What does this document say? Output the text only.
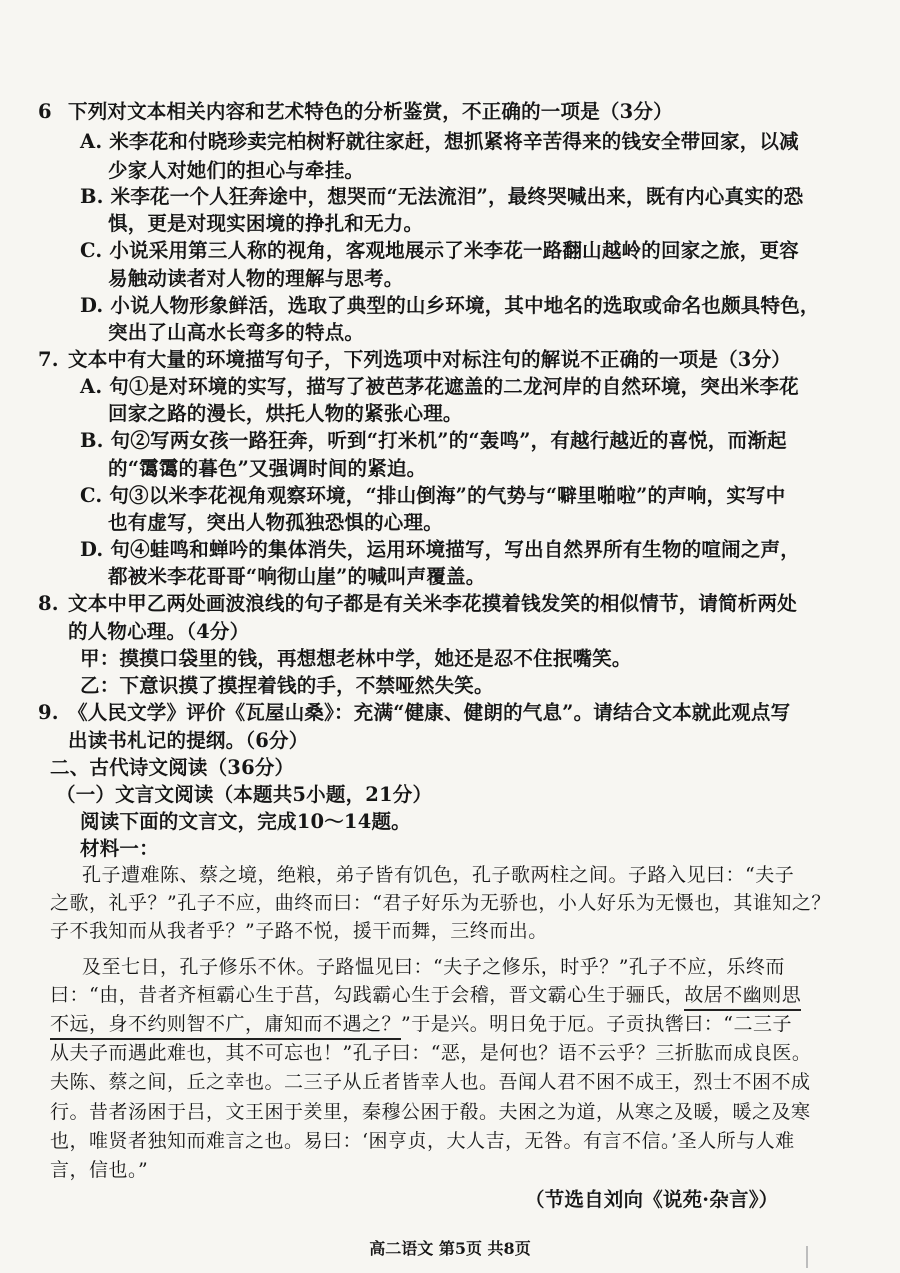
6 下列对文本相关内容和艺术特色的分析鉴赏，不正确的一项是（3分）
A. 米李花和付晓珍卖完柏树籽就往家赶，想抓紧将辛苦得来的钱安全带回家，以减
少家人对她们的担心与牵挂。
B. 米李花一个人狂奔途中，想哭而“无法流泪”，最终哭喊出来，既有内心真实的恐
惧，更是对现实困境的挣扎和无力。
C. 小说采用第三人称的视角，客观地展示了米李花一路翻山越岭的回家之旅，更容
易触动读者对人物的理解与思考。
D. 小说人物形象鲜活，选取了典型的山乡环境，其中地名的选取或命名也颇具特色，
突出了山高水长弯多的特点。
7. 文本中有大量的环境描写句子，下列选项中对标注句的解说不正确的一项是（3分）
A. 句①是对环境的实写，描写了被芭茅花遮盖的二龙河岸的自然环境，突出米李花
回家之路的漫长，烘托人物的紧张心理。
B. 句②写两女孩一路狂奔，听到“打米机”的“轰鸣”，有越行越近的喜悦，而渐起
的“霭霭的暮色”又强调时间的紧迫。
C. 句③以米李花视角观察环境，“排山倒海”的气势与“噼里啪啦”的声响，实写中
也有虚写，突出人物孤独恐惧的心理。
D. 句④蛙鸣和蝉吟的集体消失，运用环境描写，写出自然界所有生物的喧闹之声，
都被米李花哥哥“响彻山崖”的喊叫声覆盖。
8. 文本中甲乙两处画波浪线的句子都是有关米李花摸着钱发笑的相似情节，请简析两处
的人物心理。（4分）
甲：摸摸口袋里的钱，再想想老林中学，她还是忍不住抿嘴笑。
乙：下意识摸了摸捏着钱的手，不禁哑然失笑。
9. 《人民文学》评价《瓦屋山桑》：充满“健康、健朗的气息”。请结合文本就此观点写
出读书札记的提纲。（6分）
二、古代诗文阅读（36分）
（一）文言文阅读（本题共5小题，21分）
阅读下面的文言文，完成10～14题。
材料一：
孔子遭难陈、蔡之境，绝粮，弟子皆有饥色，孔子歌两柱之间。子路入见曰：“夫子
之歌，礼乎？”孔子不应，曲终而曰：“君子好乐为无骄也，小人好乐为无慑也，其谁知之？
子不我知而从我者乎？”子路不悦，援干而舞，三终而出。
及至七日，孔子修乐不休。子路愠见曰：“夫子之修乐，时乎？”孔子不应，乐终而
曰：“由，昔者齐桓霸心生于莒，勾践霸心生于会稽，晋文霸心生于骊氏，故居不幽则思
不远，身不约则智不广，庸知而不遇之？”于是兴。明日免于厄。子贡执辔曰：“二三子
从夫子而遇此难也，其不可忘也！”孔子曰：“恶，是何也？语不云乎？三折肱而成良医。
夫陈、蔡之间，丘之幸也。二三子从丘者皆幸人也。吾闻人君不困不成王，烈士不困不成
行。昔者汤困于吕，文王困于羑里，秦穆公困于殽。夫困之为道，从寒之及暖，暖之及寒
也，唯贤者独知而难言之也。易曰：‘困亨贞，大人吉，无咎。有言不信。’圣人所与人难
言，信也。”
（节选自刘向《说苑·杂言》）
高二语文 第5页 共8页
